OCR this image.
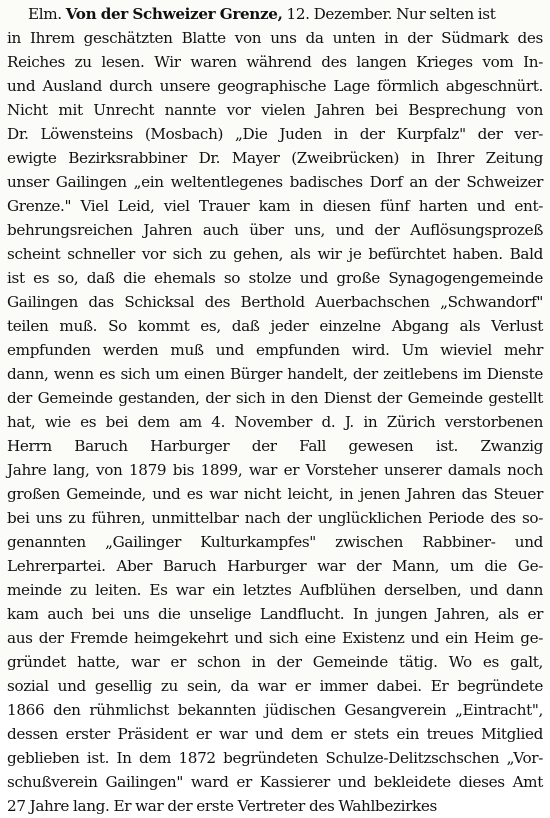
Elm. Von der Schweizer Grenze, 12. Dezember. Nur selten ist
in Ihrem geschätzten Blatte von uns da unten in der Südmark des
Reiches zu lesen. Wir waren während des langen Krieges vom In-
und Ausland durch unsere geographische Lage förmlich abgeschnürt.
Nicht mit Unrecht nannte vor vielen Jahren bei Besprechung von
Dr. Löwensteins (Mosbach) „Die Juden in der Kurpfalz" der ver-
ewigte Bezirksrabbiner Dr. Mayer (Zweibrücken) in Ihrer Zeitung
unser Gailingen „ein weltentlegenes badisches Dorf an der Schweizer
Grenze." Viel Leid, viel Trauer kam in diesen fünf harten und ent-
behrungsreichen Jahren auch über uns, und der Auflösungsprozeß
scheint schneller vor sich zu gehen, als wir je befürchtet haben. Bald
ist es so, daß die ehemals so stolze und große Synagogengemeinde
Gailingen das Schicksal des Berthold Auerbachschen „Schwandorf"
teilen muß. So kommt es, daß jeder einzelne Abgang als Verlust
empfunden werden muß und empfunden wird. Um wieviel mehr
dann, wenn es sich um einen Bürger handelt, der zeitlebens im Dienste
der Gemeinde gestanden, der sich in den Dienst der Gemeinde gestellt
hat, wie es bei dem am 4. November d. J. in Zürich verstorbenen
Herrn Baruch Harburger der Fall gewesen ist. Zwanzig
Jahre lang, von 1879 bis 1899, war er Vorsteher unserer damals noch
großen Gemeinde, und es war nicht leicht, in jenen Jahren das Steuer
bei uns zu führen, unmittelbar nach der unglücklichen Periode des so-
genannten „Gailinger Kulturkampfes" zwischen Rabbiner- und
Lehrerpartei. Aber Baruch Harburger war der Mann, um die Ge-
meinde zu leiten. Es war ein letztes Aufblühen derselben, und dann
kam auch bei uns die unselige Landflucht. In jungen Jahren, als er
aus der Fremde heimgekehrt und sich eine Existenz und ein Heim ge-
gründet hatte, war er schon in der Gemeinde tätig. Wo es galt,
sozial und gesellig zu sein, da war er immer dabei. Er begründete
1866 den rühmlichst bekannten jüdischen Gesangverein „Eintracht",
dessen erster Präsident er war und dem er stets ein treues Mitglied
geblieben ist. In dem 1872 begründeten Schulze-Delitzschschen „Vor-
schußverein Gailingen" ward er Kassierer und bekleidete dieses Amt
27 Jahre lang. Er war der erste Vertreter des Wahlbezirkes
